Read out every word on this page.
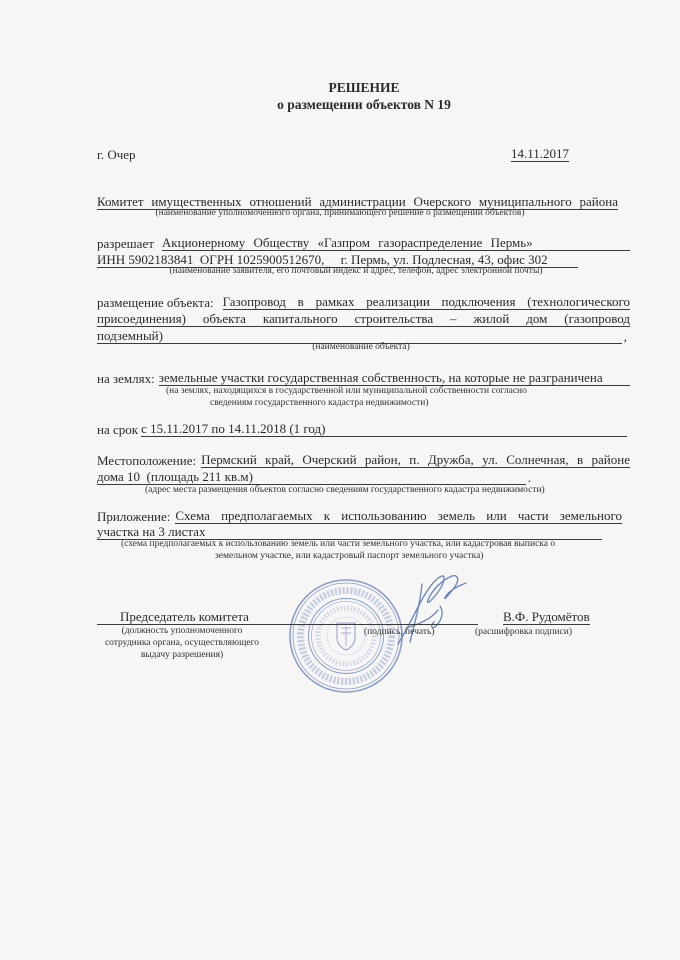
РЕШЕНИЕ
о размещении объектов N 19
г. Очер	14.11.2017
Комитет имущественных отношений администрации Очерского муниципального района
(наименование уполномоченного органа, принимающего решение о размещении объектов)
разрешает Акционерному Обществу «Газпром газораспределение Пермь»
ИНН 5902183841  ОГРН 1025900512670,     г. Пермь, ул. Подлесная, 43, офис 302
(наименование заявителя, его почтовый индекс и адрес, телефон, адрес электронной почты)
размещение объекта: Газопровод в рамках реализации подключения (технологического
присоединения) объекта капитального строительства – жилой дом (газопровод
подземный)	,
(наименование объекта)
на землях: земельные участки государственная собственность, на которые не разграничена
(на землях, находящихся в государственной или муниципальной собственности согласно
сведениям государственного кадастра недвижимости)
на срок с 15.11.2017 по 14.11.2018 (1 год)
Местоположение: Пермский край, Очерский район, п. Дружба, ул. Солнечная, в районе
дома 10  (площадь 211 кв.м)	.
(адрес места размещения объектов согласно сведениям государственного кадастра недвижимости)
Приложение: Схема предполагаемых к использованию земель или части земельного
участка на 3 листах
(схема предполагаемых к использованию земель или части земельного участка, или кадастровая выписка о
земельном участке, или кадастровый паспорт земельного участка)
Председатель комитета	В.Ф. Рудомётов
(должность уполномоченного
сотрудника органа, осуществляющего
выдачу разрешения)
(подпись, печать)	(расшифровка подписи)
